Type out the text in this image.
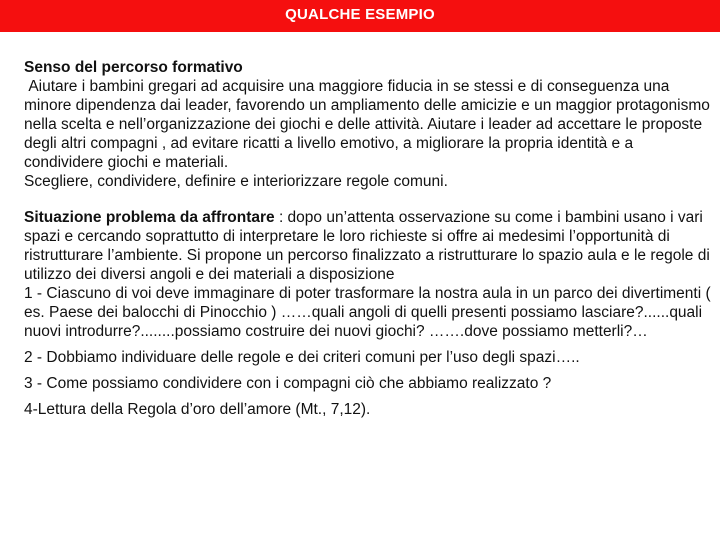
QUALCHE ESEMPIO

Senso del percorso formativo

Aiutare i bambini gregari ad acquisire una maggiore fiducia in se stessi e di conseguenza una minore dipendenza dai leader, favorendo un ampliamento delle amicizie e un maggior protagonismo nella scelta e nell’organizzazione dei giochi e delle attività. Aiutare i leader ad accettare le proposte degli altri compagni , ad evitare ricatti a livello emotivo, a migliorare la propria identità e a condividere giochi e materiali.

Scegliere, condividere, definire e interiorizzare regole comuni.

Situazione problema da affrontare : dopo un’attenta osservazione su come i bambini usano i vari spazi e cercando soprattutto di interpretare le loro richieste si offre ai medesimi l’opportunità di ristrutturare l’ambiente. Si propone un percorso finalizzato a ristrutturare lo spazio aula e le regole di utilizzo dei diversi angoli e dei materiali a disposizione

1 - Ciascuno di voi deve immaginare di poter trasformare la nostra aula in un parco dei divertimenti ( es. Paese dei balocchi di Pinocchio ) ……quali angoli di quelli presenti possiamo lasciare?......quali nuovi introdurre?........possiamo costruire dei nuovi giochi? …….dove possiamo metterli?…

2 - Dobbiamo individuare delle regole e dei criteri comuni per l’uso degli spazi…..

3 - Come possiamo condividere con i compagni ciò che abbiamo realizzato ?

4-Lettura della Regola d’oro dell’amore (Mt., 7,12).
